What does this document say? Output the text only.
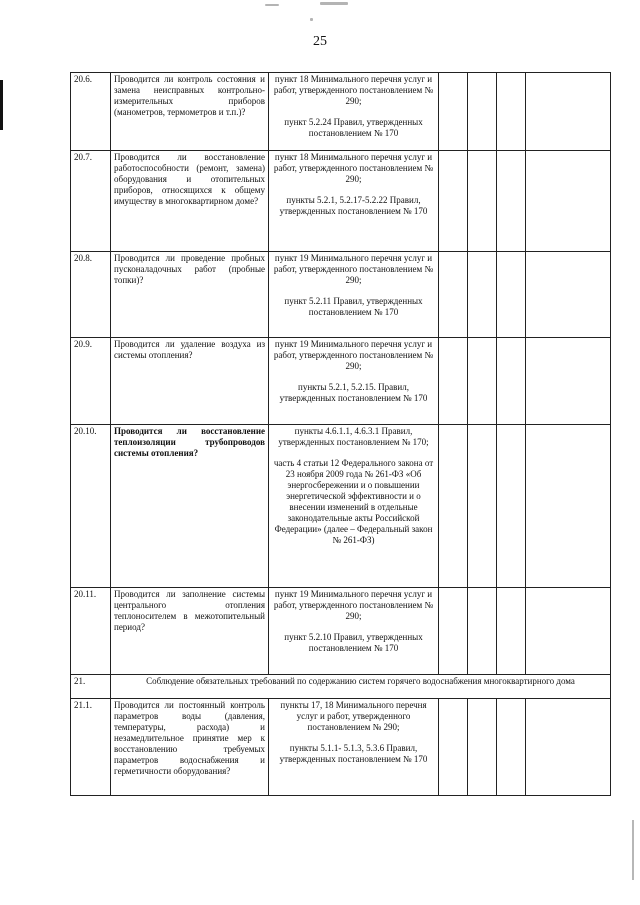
25
20.6.	Проводится ли контроль состояния и замена неисправных контрольно-измерительных приборов (манометров, термометров и т.п.)?	пункт 18 Минимального перечня услуг и работ, утвержденного постановлением № 290;

пункт 5.2.24 Правил, утвержденных постановлением № 170				

20.7.	Проводится ли восстановление работоспособности (ремонт, замена) оборудования и отопительных приборов, относящихся к общему имуществу в многоквартирном доме?	пункт 18 Минимального перечня услуг и работ, утвержденного постановлением № 290;

пункты 5.2.1, 5.2.17-5.2.22 Правил, утвержденных постановлением № 170				

20.8.	Проводится ли проведение пробных пусконаладочных работ (пробные топки)?	пункт 19 Минимального перечня услуг и работ, утвержденного постановлением № 290;

пункт 5.2.11 Правил, утвержденных постановлением № 170				

20.9.	Проводится ли удаление воздуха из системы отопления?	пункт 19 Минимального перечня услуг и работ, утвержденного постановлением № 290;

пункты 5.2.1, 5.2.15. Правил, утвержденных постановлением № 170				

20.10.	Проводится ли восстановление теплоизоляции трубопроводов системы отопления?	пункты 4.6.1.1, 4.6.3.1 Правил, утвержденных постановлением № 170;

часть 4 статьи 12 Федерального закона от 23 ноября 2009 года № 261-ФЗ «Об энергосбережении и о повышении энергетической эффективности и о внесении изменений в отдельные законодательные акты Российской Федерации» (далее – Федеральный закон № 261-ФЗ)				

20.11.	Проводится ли заполнение системы центрального отопления теплоносителем в межотопительный период?	пункт 19 Минимального перечня услуг и работ, утвержденного постановлением № 290;

пункт 5.2.10 Правил, утвержденных постановлением № 170				

21.	Соблюдение обязательных требований по содержанию систем горячего водоснабжения многоквартирного дома					
21.1.	Проводится ли постоянный контроль параметров воды (давления, температуры, расхода) и незамедлительное принятие мер к восстановлению требуемых параметров водоснабжения и герметичности оборудования?	пункты 17, 18 Минимального перечня услуг и работ, утвержденного постановлением № 290;

пункты 5.1.1- 5.1.3, 5.3.6 Правил, утвержденных постановлением № 170				
